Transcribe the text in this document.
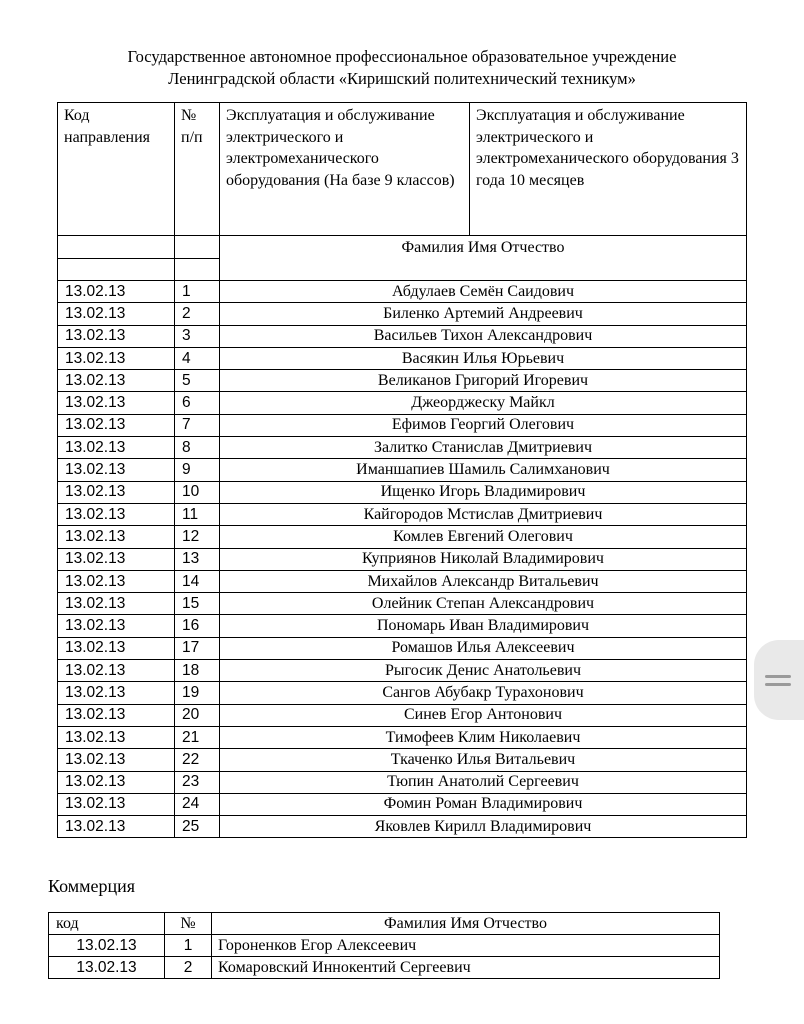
Государственное автономное профессиональное образовательное учреждение
Ленинградской области «Киришский политехнический техникум»
Код направления	№ п/п	Эксплуатация и обслуживание электрического и электромеханического оборудования (На базе 9 классов)	Эксплуатация и обслуживание электрического и электромеханического оборудования 3 года 10 месяцев
		Фамилия Имя Отчество	

13.02.13	1	Абдулаев Семён Саидович	
13.02.13	2	Биленко Артемий Андреевич	
13.02.13	3	Васильев Тихон Александрович	
13.02.13	4	Васякин Илья Юрьевич	
13.02.13	5	Великанов Григорий Игоревич	
13.02.13	6	Джеорджеску Майкл	
13.02.13	7	Ефимов Георгий Олегович	
13.02.13	8	Залитко Станислав Дмитриевич	
13.02.13	9	Иманшапиев Шамиль Салимханович	
13.02.13	10	Ищенко Игорь Владимирович	
13.02.13	11	Кайгородов Мстислав Дмитриевич	
13.02.13	12	Комлев Евгений Олегович	
13.02.13	13	Куприянов Николай Владимирович	
13.02.13	14	Михайлов Александр Витальевич	
13.02.13	15	Олейник Степан Александрович	
13.02.13	16	Пономарь Иван Владимирович	
13.02.13	17	Ромашов Илья Алексеевич	
13.02.13	18	Рыгосик Денис Анатольевич	
13.02.13	19	Сангов Абубакр Турахонович	
13.02.13	20	Синев Егор Антонович	
13.02.13	21	Тимофеев Клим Николаевич	
13.02.13	22	Ткаченко Илья Витальевич	
13.02.13	23	Тюпин Анатолий Сергеевич	
13.02.13	24	Фомин Роман Владимирович	
13.02.13	25	Яковлев Кирилл Владимирович	
Коммерция
код	№	Фамилия Имя Отчество
13.02.13	1	Гороненков Егор Алексеевич
13.02.13	2	Комаровский Иннокентий Сергеевич
